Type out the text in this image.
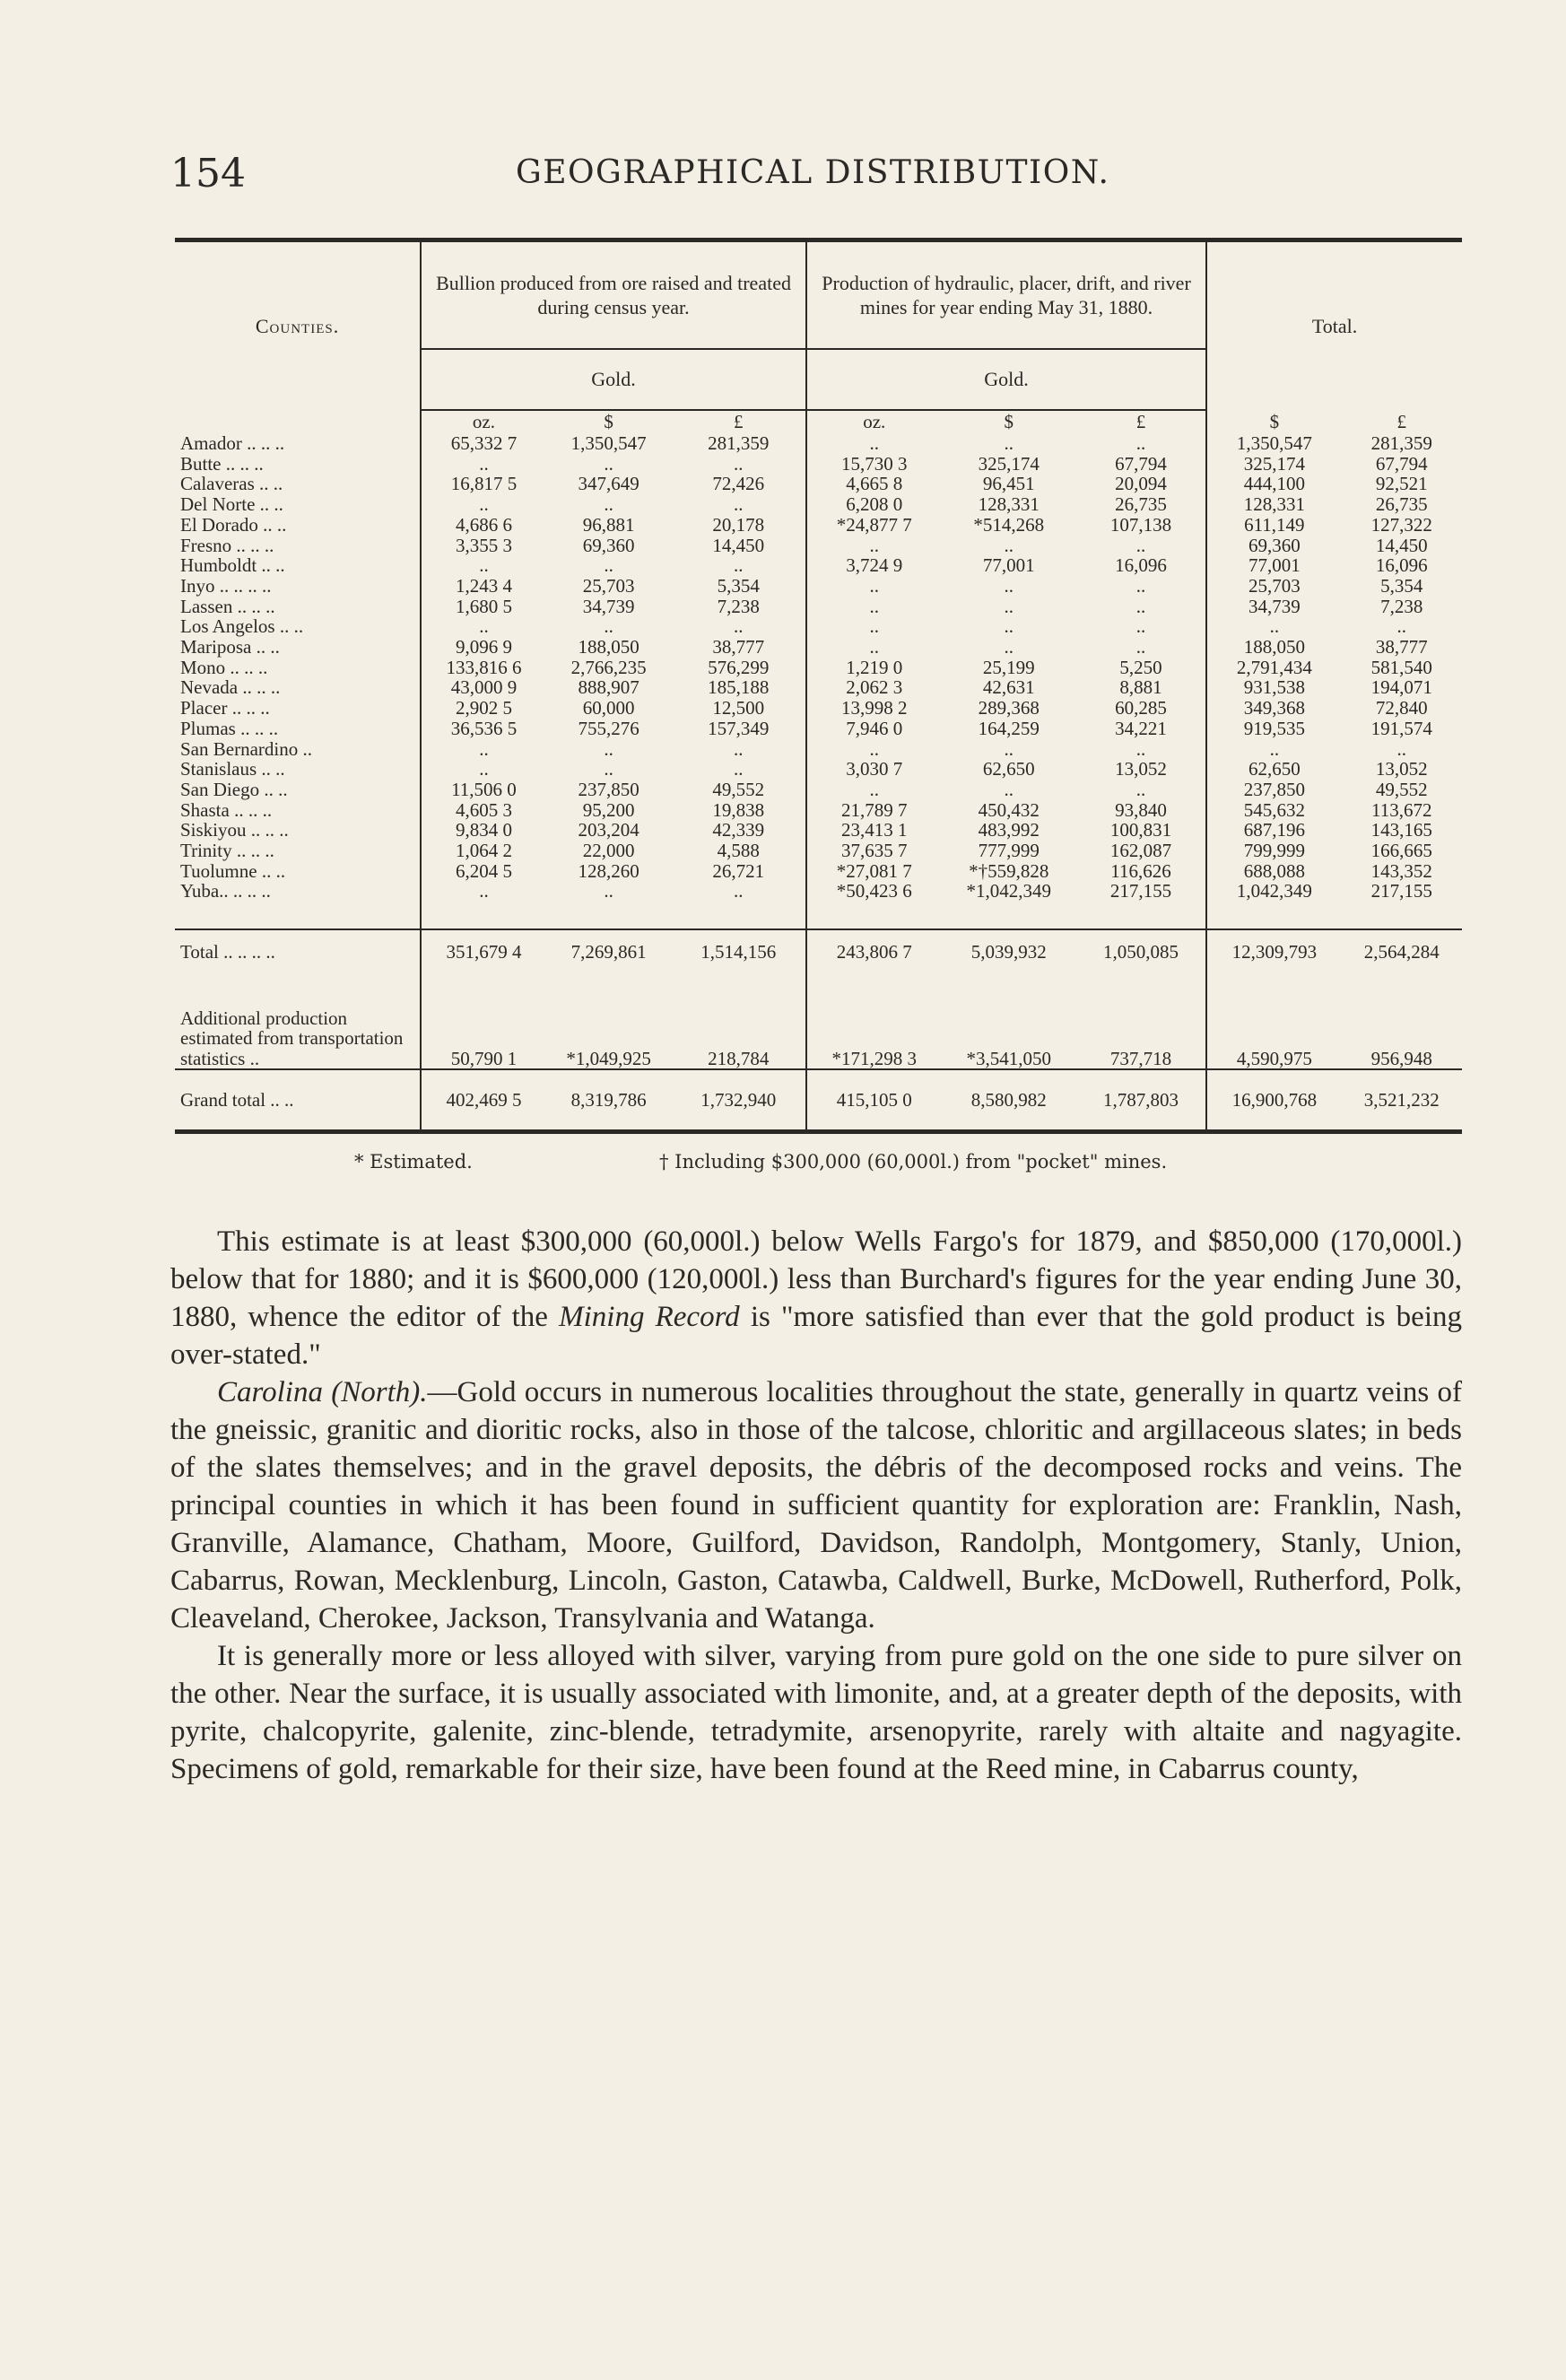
154	GEOGRAPHICAL DISTRIBUTION.
Counties.	Bullion produced from ore raised and treated during census year.			Production of hydraulic, placer, drift, and river mines for year ending May 31, 1880.			Total.	
	Gold.			Gold.				
	oz.	$	£	oz.	$	£	$	£
Amador .. .. ..	65,332 7	1,350,547	281,359	..	..	..	1,350,547	281,359
Butte .. .. ..	..	..	..	15,730 3	325,174	67,794	325,174	67,794
Calaveras .. ..	16,817 5	347,649	72,426	4,665 8	96,451	20,094	444,100	92,521
Del Norte .. ..	..	..	..	6,208 0	128,331	26,735	128,331	26,735
El Dorado .. ..	4,686 6	96,881	20,178	*24,877 7	*514,268	107,138	611,149	127,322
Fresno .. .. ..	3,355 3	69,360	14,450	..	..	..	69,360	14,450
Humboldt .. ..	..	..	..	3,724 9	77,001	16,096	77,001	16,096
Inyo .. .. .. ..	1,243 4	25,703	5,354	..	..	..	25,703	5,354
Lassen .. .. ..	1,680 5	34,739	7,238	..	..	..	34,739	7,238
Los Angelos .. ..	..	..	..	..	..	..	..	..
Mariposa .. ..	9,096 9	188,050	38,777	..	..	..	188,050	38,777
Mono .. .. ..	133,816 6	2,766,235	576,299	1,219 0	25,199	5,250	2,791,434	581,540
Nevada .. .. ..	43,000 9	888,907	185,188	2,062 3	42,631	8,881	931,538	194,071
Placer .. .. ..	2,902 5	60,000	12,500	13,998 2	289,368	60,285	349,368	72,840
Plumas .. .. ..	36,536 5	755,276	157,349	7,946 0	164,259	34,221	919,535	191,574
San Bernardino ..	..	..	..	..	..	..	..	..
Stanislaus .. ..	..	..	..	3,030 7	62,650	13,052	62,650	13,052
San Diego .. ..	11,506 0	237,850	49,552	..	..	..	237,850	49,552
Shasta .. .. ..	4,605 3	95,200	19,838	21,789 7	450,432	93,840	545,632	113,672
Siskiyou .. .. ..	9,834 0	203,204	42,339	23,413 1	483,992	100,831	687,196	143,165
Trinity .. .. ..	1,064 2	22,000	4,588	37,635 7	777,999	162,087	799,999	166,665
Tuolumne .. ..	6,204 5	128,260	26,721	*27,081 7	*†559,828	116,626	688,088	143,352
Yuba.. .. .. ..	..	..	..	*50,423 6	*1,042,349	217,155	1,042,349	217,155

Total .. .. .. ..	351,679 4	7,269,861	1,514,156	243,806 7	5,039,932	1,050,085	12,309,793	2,564,284
Additional production estimated from transportation statistics ..	50,790 1	*1,049,925	218,784	*171,298 3	*3,541,050	737,718	4,590,975	956,948
Grand total .. ..	402,469 5	8,319,786	1,732,940	415,105 0	8,580,982	1,787,803	16,900,768	3,521,232
* Estimated.	† Including $300,000 (60,000l.) from "pocket" mines.

This estimate is at least $300,000 (60,000l.) below Wells Fargo's for 1879, and $850,000 (170,000l.) below that for 1880; and it is $600,000 (120,000l.) less than Burchard's figures for the year ending June 30, 1880, whence the editor of the Mining Record is "more satisfied than ever that the gold product is being over-stated."

Carolina (North).—Gold occurs in numerous localities throughout the state, generally in quartz veins of the gneissic, granitic and dioritic rocks, also in those of the talcose, chloritic and argillaceous slates; in beds of the slates themselves; and in the gravel deposits, the débris of the decomposed rocks and veins. The principal counties in which it has been found in sufficient quantity for exploration are: Franklin, Nash, Granville, Alamance, Chatham, Moore, Guilford, Davidson, Randolph, Montgomery, Stanly, Union, Cabarrus, Rowan, Mecklenburg, Lincoln, Gaston, Catawba, Caldwell, Burke, McDowell, Rutherford, Polk, Cleaveland, Cherokee, Jackson, Transylvania and Watanga.

It is generally more or less alloyed with silver, varying from pure gold on the one side to pure silver on the other. Near the surface, it is usually associated with limonite, and, at a greater depth of the deposits, with pyrite, chalcopyrite, galenite, zinc-blende, tetradymite, arsenopyrite, rarely with altaite and nagyagite. Specimens of gold, remarkable for their size, have been found at the Reed mine, in Cabarrus county,
